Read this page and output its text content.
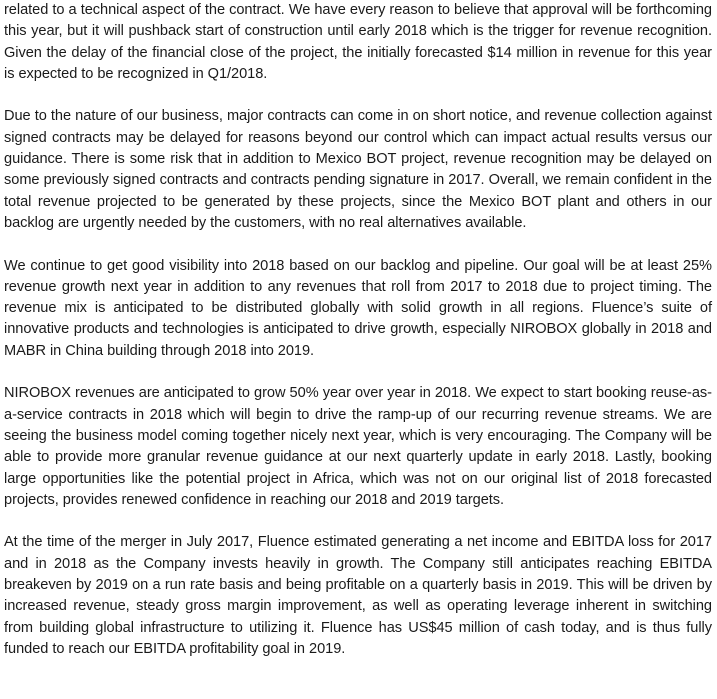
related to a technical aspect of the contract. We have every reason to believe that approval will be forthcoming this year, but it will pushback start of construction until early 2018 which is the trigger for revenue recognition. Given the delay of the financial close of the project, the initially forecasted $14 million in revenue for this year is expected to be recognized in Q1/2018.

Due to the nature of our business, major contracts can come in on short notice, and revenue collection against signed contracts may be delayed for reasons beyond our control which can impact actual results versus our guidance. There is some risk that in addition to Mexico BOT project, revenue recognition may be delayed on some previously signed contracts and contracts pending signature in 2017. Overall, we remain confident in the total revenue projected to be generated by these projects, since the Mexico BOT plant and others in our backlog are urgently needed by the customers, with no real alternatives available.

We continue to get good visibility into 2018 based on our backlog and pipeline. Our goal will be at least 25% revenue growth next year in addition to any revenues that roll from 2017 to 2018 due to project timing. The revenue mix is anticipated to be distributed globally with solid growth in all regions. Fluence’s suite of innovative products and technologies is anticipated to drive growth, especially NIROBOX globally in 2018 and MABR in China building through 2018 into 2019.

NIROBOX revenues are anticipated to grow 50% year over year in 2018. We expect to start booking reuse-as-a-service contracts in 2018 which will begin to drive the ramp-up of our recurring revenue streams. We are seeing the business model coming together nicely next year, which is very encouraging. The Company will be able to provide more granular revenue guidance at our next quarterly update in early 2018. Lastly, booking large opportunities like the potential project in Africa, which was not on our original list of 2018 forecasted projects, provides renewed confidence in reaching our 2018 and 2019 targets.

At the time of the merger in July 2017, Fluence estimated generating a net income and EBITDA loss for 2017 and in 2018 as the Company invests heavily in growth. The Company still anticipates reaching EBITDA breakeven by 2019 on a run rate basis and being profitable on a quarterly basis in 2019. This will be driven by increased revenue, steady gross margin improvement, as well as operating leverage inherent in switching from building global infrastructure to utilizing it. Fluence has US$45 million of cash today, and is thus fully funded to reach our EBITDA profitability goal in 2019.
